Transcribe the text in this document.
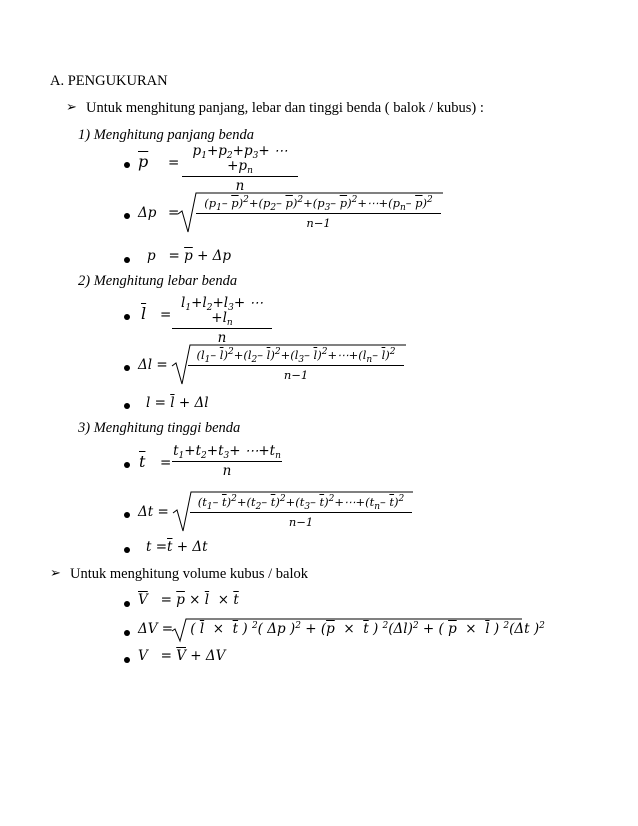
A. PENGUKURAN
➢ Untuk menghitung panjang, lebar dan tinggi benda ( balok / kubus) :
1) Menghitung panjang benda
$\overline{p}$ =
$p_1+p_2+p_3+$ $\cdots+p_n$
n
Δp =
($p_1-$ $\overline{p})^2+(p_2-$ $\overline{p})^2+(p_3-$ $\overline{p})^2+\cdots+(p_n-$ $\overline{p})^2$
n−1
$p = \overline{p} + \Delta p$
2) Menghitung lebar benda
$\overline{l}$ =
$l_1+l_2+l_3+$ $\cdots+l_n$
n
Δl =
($l_1-$ $\overline{l})^2+(l_2-$ $\overline{l})^2+(l_3-$ $\overline{l})^2+\cdots+(l_n-$ $\overline{l})^2$
n−1
$l = \overline{l} + \Delta l$
3) Menghitung tinggi benda
$\overline{t}$ =
$t_1+t_2+t_3+$ $\cdots+t_n$
n
Δt =
($t_1-$ $\overline{t})^2+(t_2-$ $\overline{t})^2+(t_3-$ $\overline{t})^2+\cdots+(t_n-$ $\overline{t})^2$
n−1
$t =\overline{t} + \Delta t$
➢ Untuk menghitung volume kubus / balok
$\overline{V} = \overline{p} \times \overline{l} \times \overline{t}$
ΔV =    ( $\overline{l} \times \overline{t}$ ) $^2$( Δp )$^2 + (\overline{p} \times \overline{t}$ ) $^2(\Delta l)^2$ + ( $\overline{p} \times \overline{l}$ ) $^2$(Δt )$^2$
$V = \overline{V} + \Delta V$
